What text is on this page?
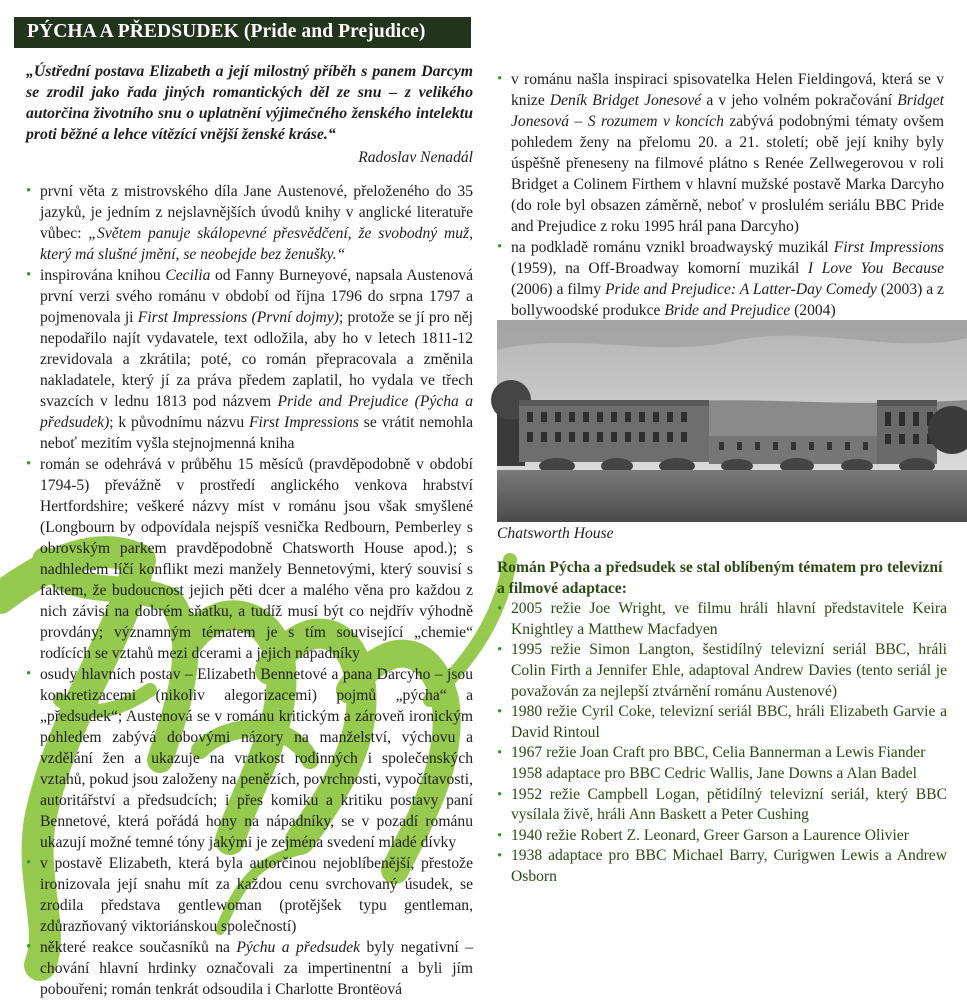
PÝCHA A PŘEDSUDEK (Pride and Prejudice)

„Ústřední postava Elizabeth a její milostný příběh s panem Darcym se zrodil jako řada jiných romantických děl ze snu – z velikého autorčina životního snu o uplatnění výjimečného ženského intelektu proti běžné a lehce vítězící vnější ženské kráse.“

Radoslav Nenadál

• první věta z mistrovského díla Jane Austenové, přeloženého do 35 jazyků, je jedním z nejslavnějších úvodů knihy v anglické literatuře vůbec: „Světem panuje skálopevné přesvědčení, že svobodný muž, který má slušné jmění, se neobejde bez ženušky.“
• inspirována knihou Cecilia od Fanny Burneyové, napsala Austenová první verzi svého románu v období od října 1796 do srpna 1797 a pojmenovala ji First Impressions (První dojmy); protože se jí pro něj nepodařilo najít vydavatele, text odložila, aby ho v letech 1811-12 zrevidovala a zkrátila; poté, co román přepracovala a změnila nakladatele, který jí za práva předem zaplatil, ho vydala ve třech svazcích v lednu 1813 pod názvem Pride and Prejudice (Pýcha a předsudek); k původnímu názvu First Impressions se vrátit nemohla neboť mezitím vyšla stejnojmenná kniha
• román se odehrává v průběhu 15 měsíců (pravděpodobně v období 1794-5) převážně v prostředí anglického venkova hrabství Hertfordshire; veškeré názvy míst v románu jsou však smyšlené (Longbourn by odpovídala nejspíš vesnička Redbourn, Pemberley s obrovským parkem pravděpodobně Chatsworth House apod.); s nadhledem líčí konflikt mezi manžely Bennetovými, který souvisí s faktem, že budoucnost jejich pěti dcer a malého věna pro každou z nich závisí na dobrém sňatku, a tudíž musí být co nejdřív výhodně provdány; významným tématem je s tím související „chemie“ rodících se vztahů mezi dcerami a jejich nápadníky
• osudy hlavních postav – Elizabeth Bennetové a pana Darcyho – jsou konkretizacemi (nikoliv alegorizacemi) pojmů „pýcha“ a „předsudek“; Austenová se v románu kritickým a zároveň ironickým pohledem zabývá dobovými názory na manželství, výchovu a vzdělání žen a ukazuje na vratkost rodinných i společenských vztahů, pokud jsou založeny na penězích, povrchnosti, vypočítavosti, autoritářství a předsudcích; i přes komiku a kritiku postavy paní Bennetové, která pořádá hony na nápadníky, se v pozadí románu ukazují možné temné tóny jakými je zejména svedení mladé dívky
• v postavě Elizabeth, která byla autorčinou nejoblíbenější, přestože ironizovala její snahu mít za každou cenu svrchovaný úsudek, se zrodila představa gentlewoman (protějšek typu gentleman, zdůrazňovaný viktoriánskou společností)
• některé reakce současníků na Pýchu a předsudek byly negativní – chování hlavní hrdinky označovali za impertinentní a byli jím pobouřeni; román tenkrát odsoudila i Charlotte Brontëová
• v románu našla inspiraci spisovatelka Helen Fieldingová, která se v knize Deník Bridget Jonesové a v jeho volném pokračování Bridget Jonesová – S rozumem v koncích zabývá podobnými tématy ovšem pohledem ženy na přelomu 20. a 21. století; obě její knihy byly úspěšně přeneseny na filmové plátno s Renée Zellwegerovou v roli Bridget a Colinem Firthem v hlavní mužské postavě Marka Darcyho (do role byl obsazen záměrně, neboť v proslulém seriálu BBC Pride and Prejudice z roku 1995 hrál pana Darcyho)
• na podkladě románu vznikl broadwayský muzikál First Impressions (1959), na Off-Broadway komorní muzikál I Love You Because (2006) a filmy Pride and Prejudice: A Latter-Day Comedy (2003) a z bollywoodské produkce Bride and Prejudice (2004)
Chatsworth House

Román Pýcha a předsudek se stal oblíbeným tématem pro televizní a filmové adaptace:

• 2005 režie Joe Wright, ve filmu hráli hlavní představitele Keira Knightley a Matthew Macfadyen
• 1995 režie Simon Langton, šestidílný televizní seriál BBC, hráli Colin Firth a Jennifer Ehle, adaptoval Andrew Davies (tento seriál je považován za nejlepší ztvárnění románu Austenové)
• 1980 režie Cyril Coke, televizní seriál BBC, hráli Elizabeth Garvie a David Rintoul
• 1967 režie Joan Craft pro BBC, Celia Bannerman a Lewis Fiander
1958 adaptace pro BBC Cedric Wallis, Jane Downs a Alan Badel
• 1952 režie Campbell Logan, pětidílný televizní seriál, který BBC vysílala živě, hráli Ann Baskett a Peter Cushing
• 1940 režie Robert Z. Leonard, Greer Garson a Laurence Olivier
• 1938 adaptace pro BBC Michael Barry, Curigwen Lewis a Andrew Osborn
